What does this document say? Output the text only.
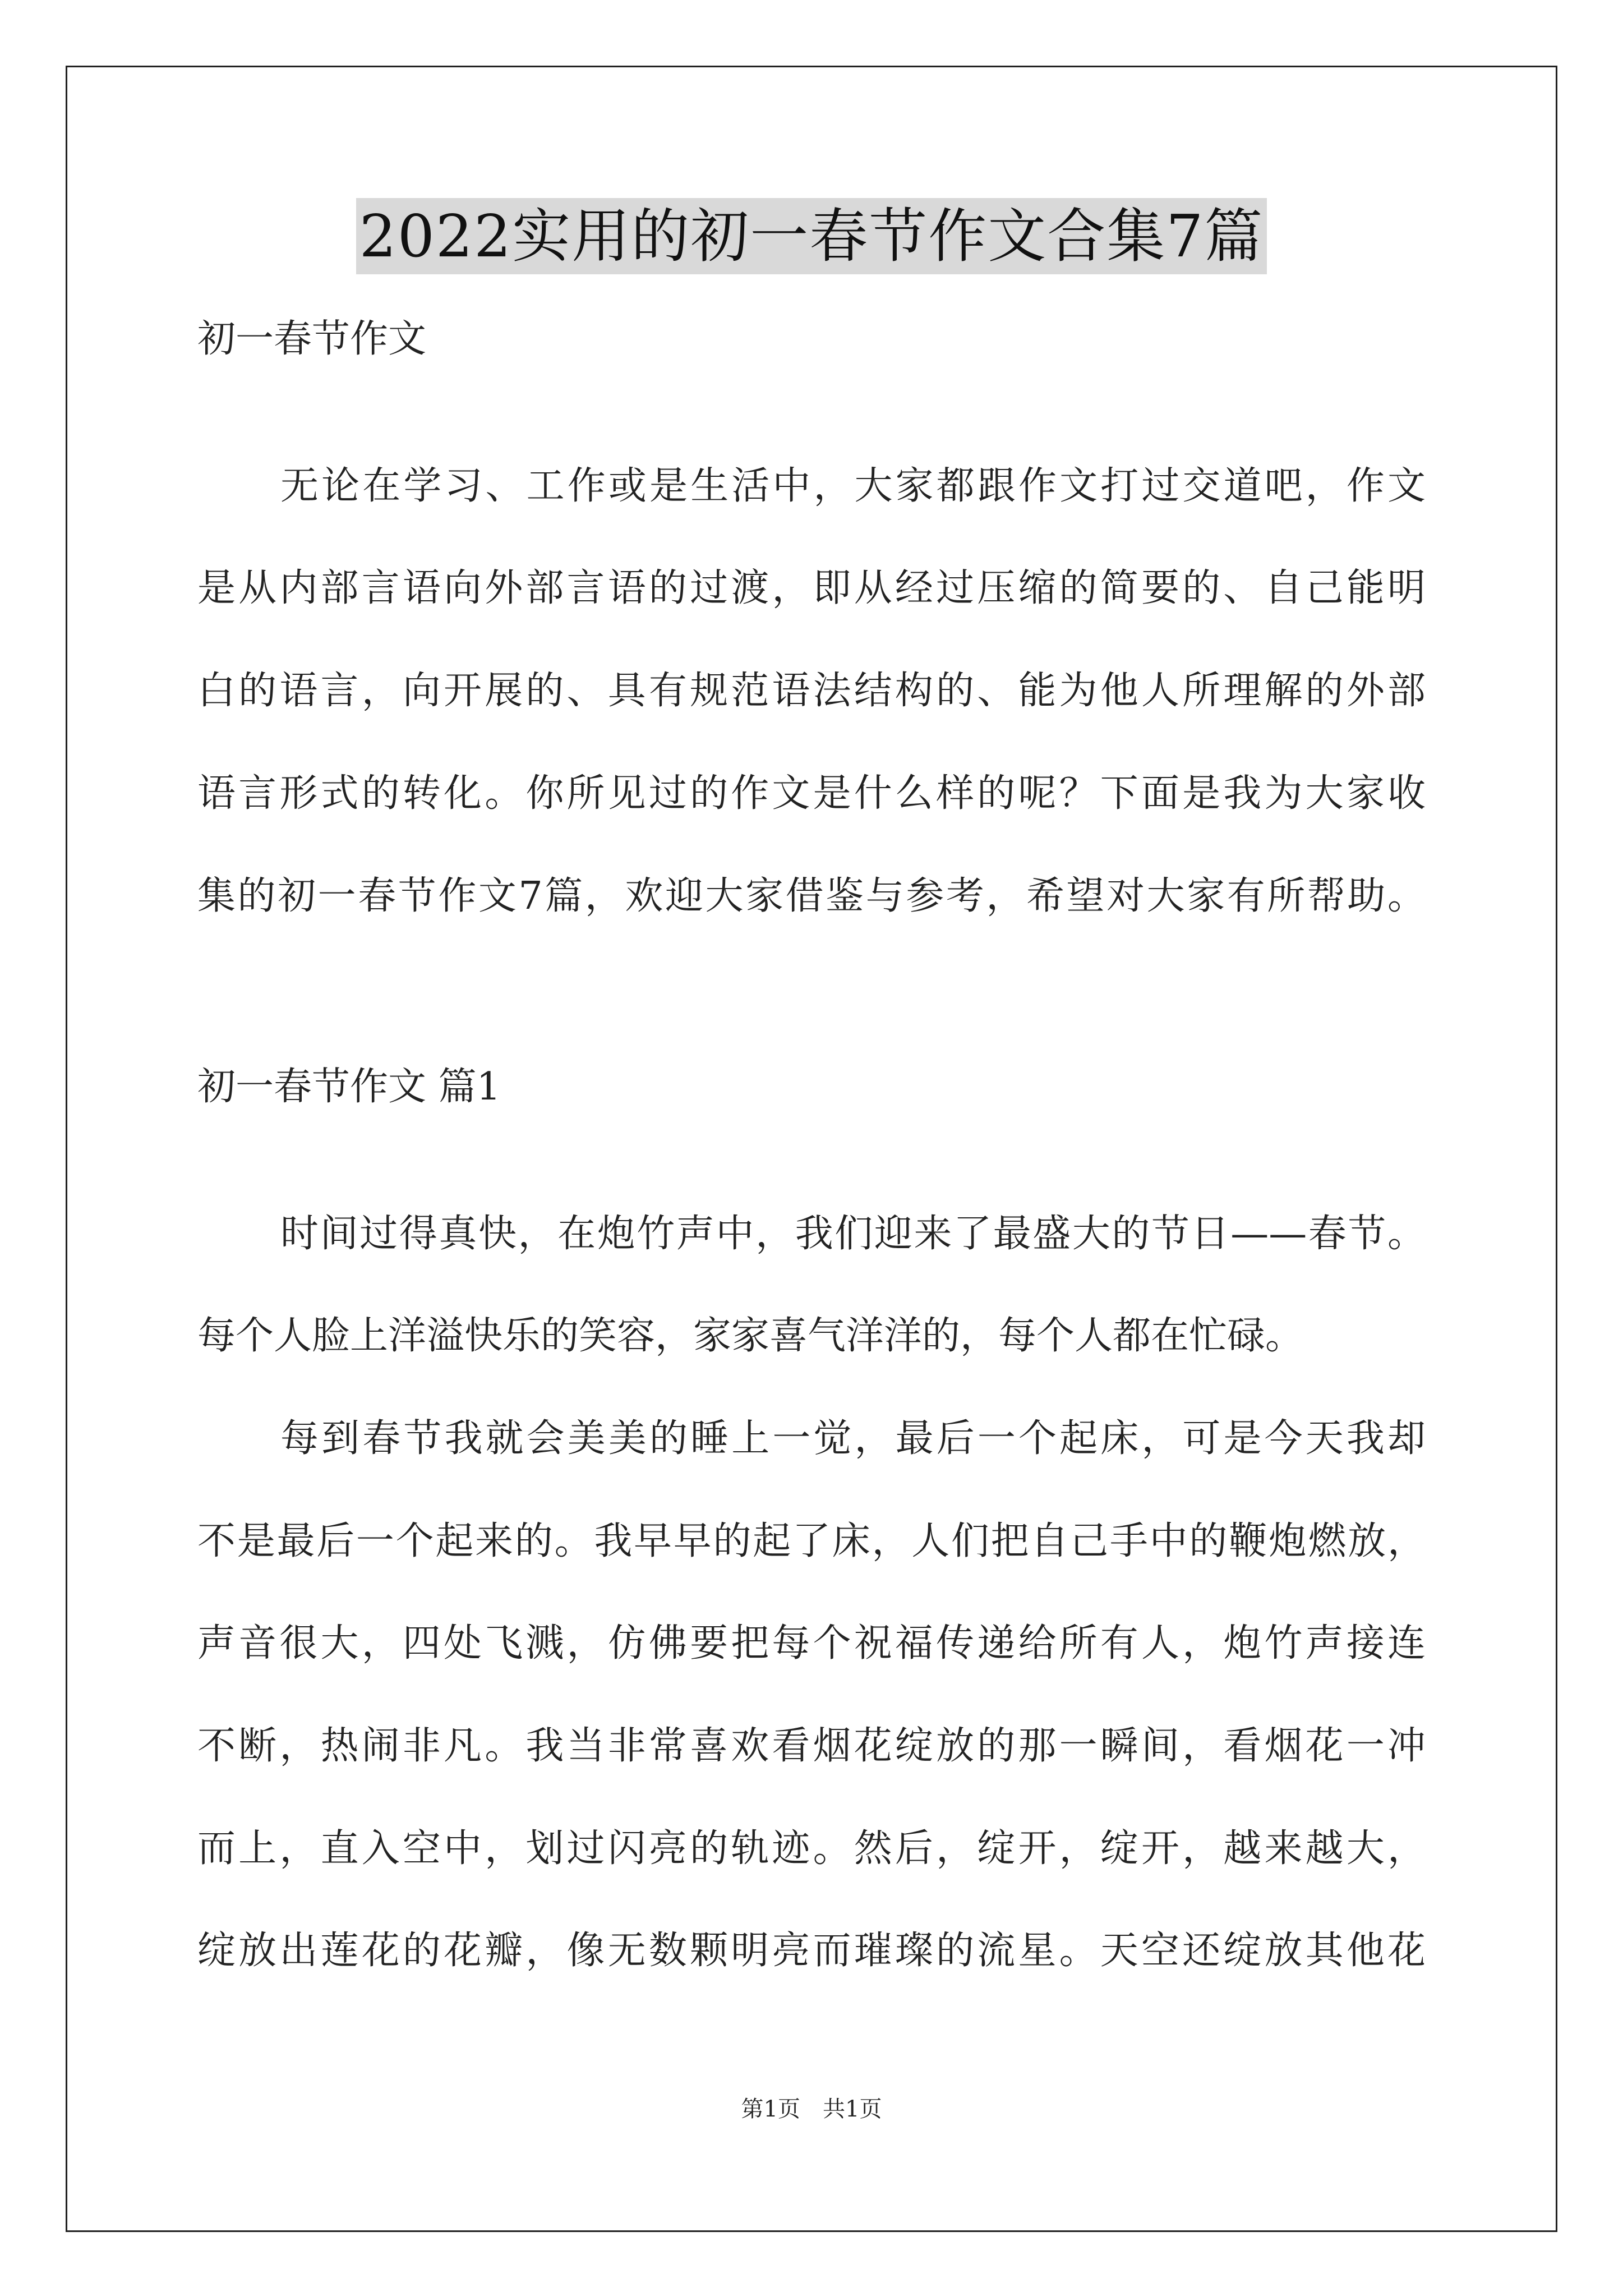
2022实用的初一春节作文合集7篇
初一春节作文
无论在学习、工作或是生活中，大家都跟作文打过交道吧，作文
是从内部言语向外部言语的过渡，即从经过压缩的简要的、自己能明
白的语言，向开展的、具有规范语法结构的、能为他人所理解的外部
语言形式的转化。你所见过的作文是什么样的呢？下面是我为大家收
集的初一春节作文7篇，欢迎大家借鉴与参考，希望对大家有所帮助。
初一春节作文 篇1
时间过得真快，在炮竹声中，我们迎来了最盛大的节日——春节。
每个人脸上洋溢快乐的笑容，家家喜气洋洋的，每个人都在忙碌。
每到春节我就会美美的睡上一觉，最后一个起床，可是今天我却
不是最后一个起来的。我早早的起了床，人们把自己手中的鞭炮燃放，
声音很大，四处飞溅，仿佛要把每个祝福传递给所有人，炮竹声接连
不断，热闹非凡。我当非常喜欢看烟花绽放的那一瞬间，看烟花一冲
而上，直入空中，划过闪亮的轨迹。然后，绽开，绽开，越来越大，
绽放出莲花的花瓣，像无数颗明亮而璀璨的流星。天空还绽放其他花
第1页　共1页
